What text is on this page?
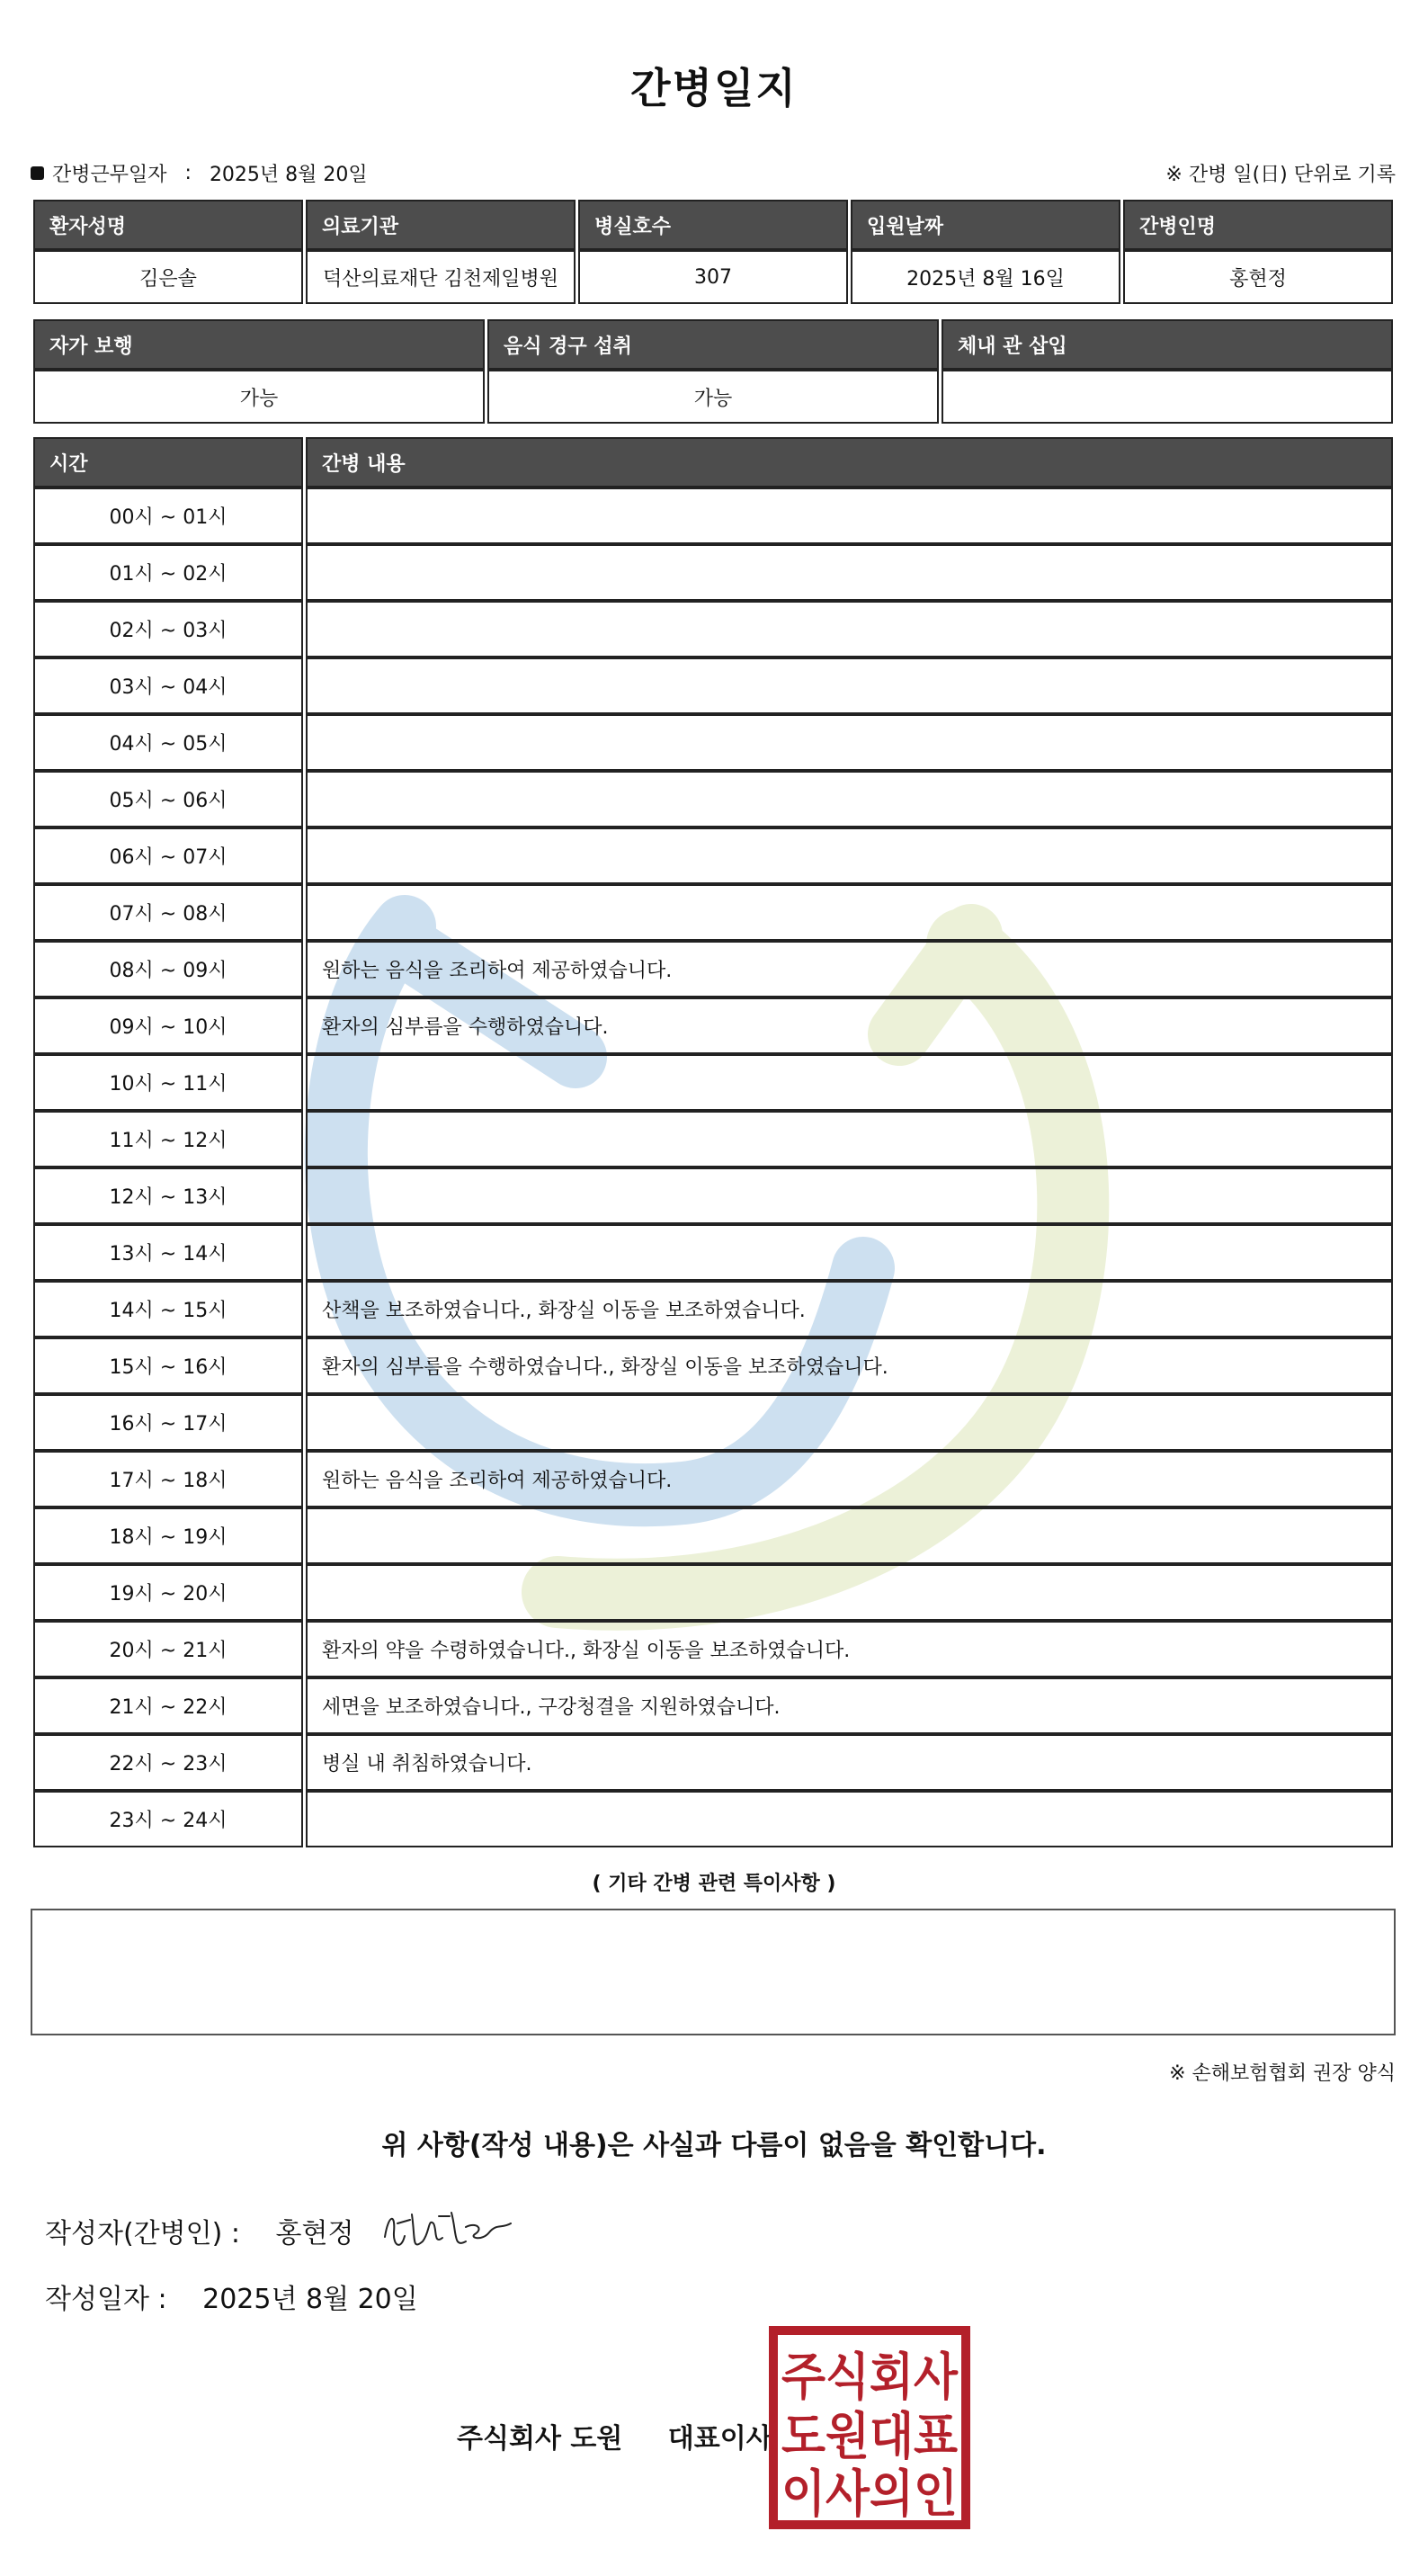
간병일지
간병근무일자 : 2025년 8월 20일	※ 간병 일(日) 단위로 기록
환자성명	의료기관	병실호수	입원날짜	간병인명
김은솔	덕산의료재단 김천제일병원	307	2025년 8월 16일	홍현정
자가 보행	음식 경구 섭취	체내 관 삽입
가능	가능	
시간	간병 내용
00시 ~ 01시	
01시 ~ 02시	
02시 ~ 03시	
03시 ~ 04시	
04시 ~ 05시	
05시 ~ 06시	
06시 ~ 07시	
07시 ~ 08시	
08시 ~ 09시	원하는 음식을 조리하여 제공하였습니다.
09시 ~ 10시	환자의 심부름을 수행하였습니다.
10시 ~ 11시	
11시 ~ 12시	
12시 ~ 13시	
13시 ~ 14시	
14시 ~ 15시	산책을 보조하였습니다., 화장실 이동을 보조하였습니다.
15시 ~ 16시	환자의 심부름을 수행하였습니다., 화장실 이동을 보조하였습니다.
16시 ~ 17시	
17시 ~ 18시	원하는 음식을 조리하여 제공하였습니다.
18시 ~ 19시	
19시 ~ 20시	
20시 ~ 21시	환자의 약을 수령하였습니다., 화장실 이동을 보조하였습니다.
21시 ~ 22시	세면을 보조하였습니다., 구강청결을 지원하였습니다.
22시 ~ 23시	병실 내 취침하였습니다.
23시 ~ 24시	
( 기타 간병 관련 특이사항 )
※ 손해보험협회 권장 양식
위 사항(작성 내용)은 사실과 다름이 없음을 확인합니다.
작성자(간병인) : 홍현정
작성일자 : 2025년 8월 20일
주식회사 도원 대표이사
주식회사
도원대표
이사의인
